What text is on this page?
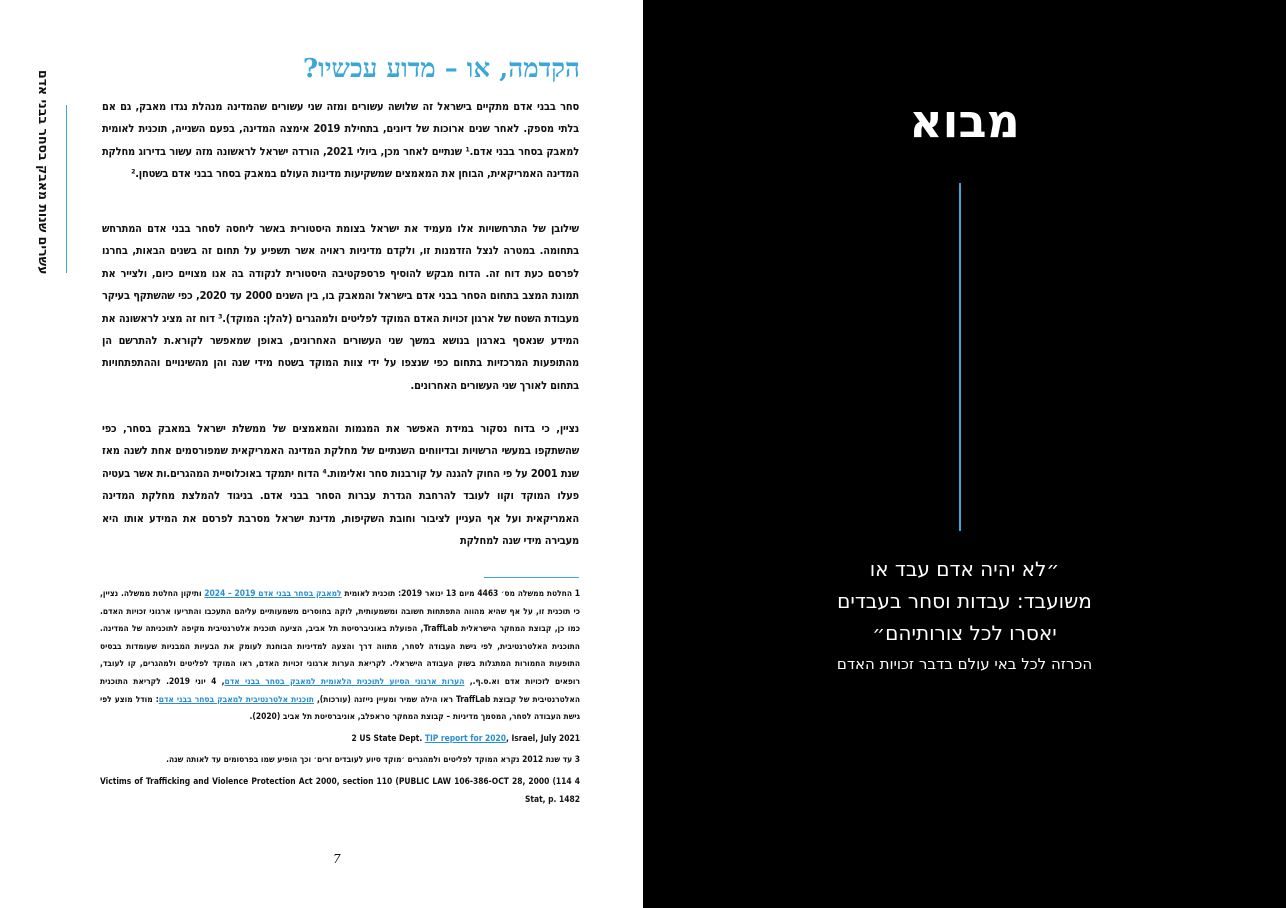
עשרים שנות מאבק בסחר בבני אדם
הקדמה, או – מדוע עכשיו?

סחר בבני אדם מתקיים בישראל זה שלושה עשורים ומזה שני עשורים שהמדינה מנהלת נגדו מאבק, גם אם בלתי מספק. לאחר שנים ארוכות של דיונים, בתחילת 2019 אימצה המדינה, בפעם השנייה, תוכנית לאומית למאבק בסחר בבני אדם.¹ שנתיים לאחר מכן, ביולי 2021, הורדה ישראל לראשונה מזה עשור בדירוג מחלקת המדינה האמריקאית, הבוחן את המאמצים שמשקיעות מדינות העולם במאבק בסחר בבני אדם בשטחן.²

שילובן של התרחשויות אלו מעמיד את ישראל בצומת היסטורית באשר ליחסה לסחר בבני אדם המתרחש בתחומה. במטרה לנצל הזדמנות זו, ולקדם מדיניות ראויה אשר תשפיע על תחום זה בשנים הבאות, בחרנו לפרסם כעת דוח זה. הדוח מבקש להוסיף פרספקטיבה היסטורית לנקודה בה אנו מצויים כיום, ולצייר את תמונת המצב בתחום הסחר בבני אדם בישראל והמאבק בו, בין השנים 2000 עד 2020, כפי שהשתקף בעיקר מעבודת השטח של ארגון זכויות האדם המוקד לפליטים ולמהגרים (להלן: המוקד).³ דוח זה מציג לראשונה את המידע שנאסף בארגון בנושא במשך שני העשורים האחרונים, באופן שמאפשר לקורא.ת להתרשם הן מהתופעות המרכזיות בתחום כפי שנצפו על ידי צוות המוקד בשטח מידי שנה והן מהשינויים וההתפתחויות בתחום לאורך שני העשורים האחרונים.

נציין, כי בדוח נסקור במידת האפשר את המגמות והמאמצים של ממשלת ישראל במאבק בסחר, כפי שהשתקפו במעשי הרשויות ובדיווחים השנתיים של מחלקת המדינה האמריקאית שמפורסמים אחת לשנה מאז שנת 2001 על פי החוק להגנה על קורבנות סחר ואלימות.⁴ הדוח יתמקד באוכלוסיית המהגרים.ות אשר בעטיה פעלו המוקד וקוו לעובד להרחבת הגדרת עברות הסחר בבני אדם. בניגוד להמלצת מחלקת המדינה האמריקאית ועל אף העניין לציבור וחובת השקיפות, מדינת ישראל מסרבת לפרסם את המידע אותו היא מעבירה מידי שנה למחלקת

1 החלטת ממשלה מס׳ 4463 מיום 13 ינואר 2019: תוכנית לאומית למאבק בסחר בבני אדם 2019 – 2024 ותיקון החלטת ממשלה. נציין, כי תוכנית זו, על אף שהיא מהווה התפתחות חשובה ומשמעותית, לוקה בחוסרים משמעותיים עליהם התעכבו והתריעו ארגוני זכויות האדם. כמו כן, קבוצת המחקר הישראלית TraffLab, הפועלת באוניברסיטת תל אביב, הציעה תוכנית אלטרנטיבית מקיפה לתוכניתה של המדינה. התוכנית האלטרנטיבית, לפי גישת העבודה לסחר, מתווה דרך והצעה למדיניות הבוחנת לעומק את הבעיות המבניות שעומדות בבסיס התופעות החמורות המתגלות בשוק העבודה הישראלי. לקריאת הערות ארגוני זכויות האדם, ראו המוקד לפליטים ולמהגרים, קו לעובד, רופאים לזכויות אדם וא.ס.ף., הערות ארגוני הסיוע לתוכנית הלאומית למאבק בסחר בבני אדם, 4 יוני 2019. לקריאת התוכנית האלטרנטיבית של קבוצת TraffLab ראו הילה שמיר ומעיין נייזנה (עורכות), תוכנית אלטרנטיבית למאבק בסחר בבני אדם: מודל מוצע לפי גישת העבודה לסחר, המסמך מדיניות – קבוצת המחקר טראפלב, אוניברסיטת תל אביב (2020).

2 US State Dept. TIP report for 2020, Israel, July 2021

3 עד שנת 2012 נקרא המוקד לפליטים ולמהגרים ׳מוקד סיוע לעובדים זרים׳ וכך הופיע שמו בפרסומים עד לאותה שנה.

4 Victims of Trafficking and Violence Protection Act 2000, section 110 (PUBLIC LAW 106-386-OCT 28, 2000 (114 Stat, p. 1482

7
מבוא
״לא יהיה אדם עבד או
משועבד: עבדות וסחר בעבדים
יאסרו לכל צורותיהם״
הכרזה לכל באי עולם בדבר זכויות האדם
